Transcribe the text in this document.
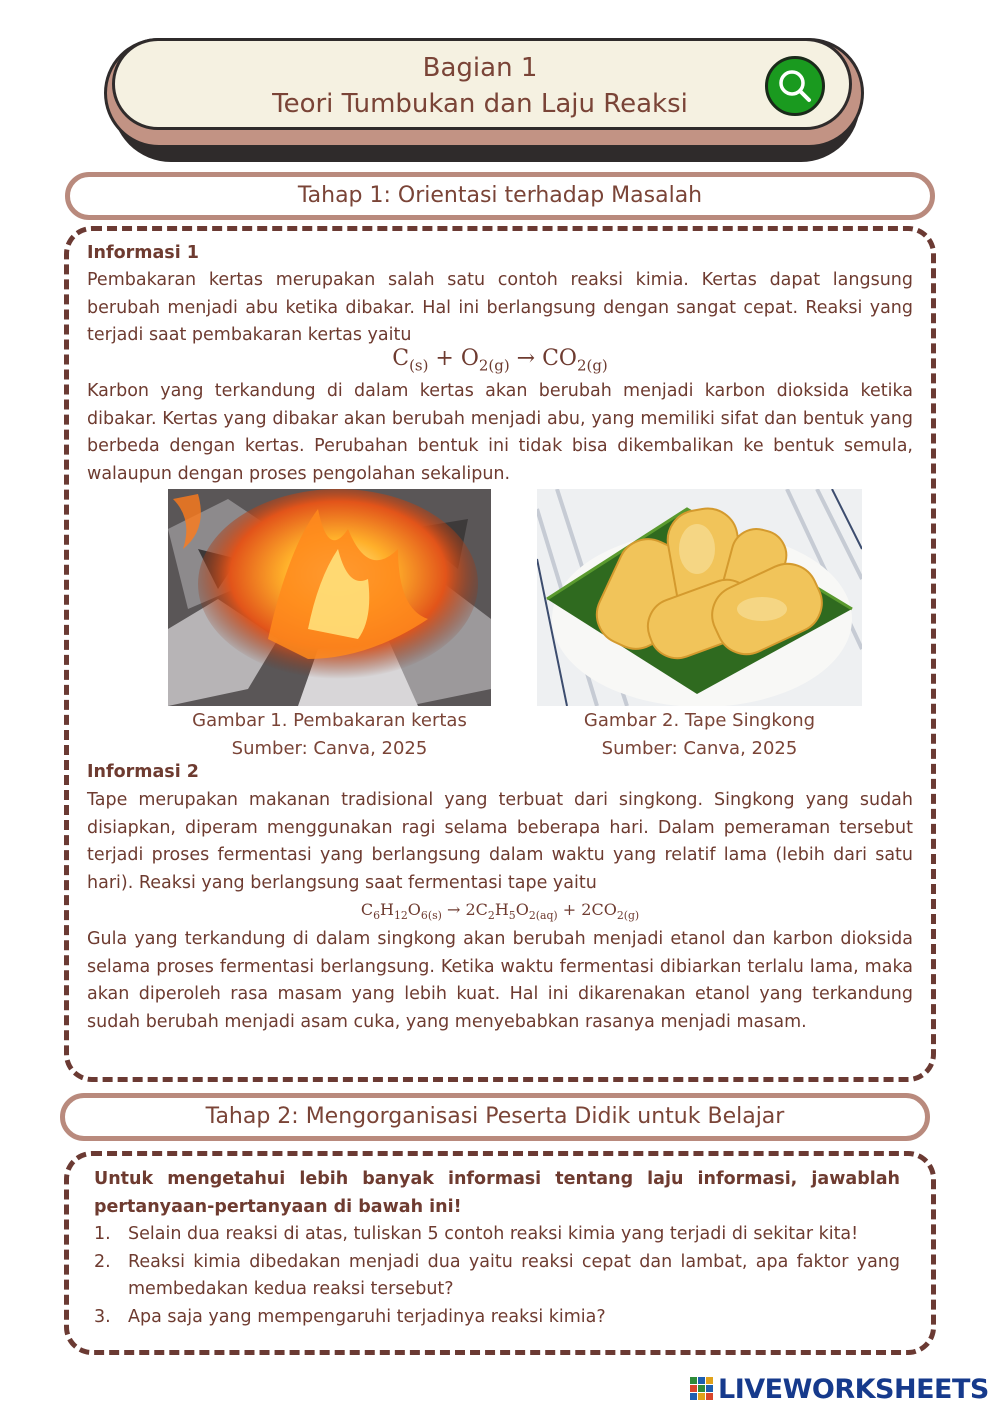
Bagian 1
Teori Tumbukan dan Laju Reaksi
Tahap 1: Orientasi terhadap Masalah
Informasi 1
Pembakaran kertas merupakan salah satu contoh reaksi kimia. Kertas dapat langsung berubah menjadi abu ketika dibakar. Hal ini berlangsung dengan sangat cepat. Reaksi yang terjadi saat pembakaran kertas yaitu
$C_{(s)} + O_{2(g)} \to CO_{2(g)}$
Karbon yang terkandung di dalam kertas akan berubah menjadi karbon dioksida ketika dibakar. Kertas yang dibakar akan berubah menjadi abu, yang memiliki sifat dan bentuk yang berbeda dengan kertas. Perubahan bentuk ini tidak bisa dikembalikan ke bentuk semula, walaupun dengan proses pengolahan sekalipun.
Gambar 1. Pembakaran kertas
Sumber: Canva, 2025
Gambar 2. Tape Singkong
Sumber: Canva, 2025
Informasi 2
Tape merupakan makanan tradisional yang terbuat dari singkong. Singkong yang sudah disiapkan, diperam menggunakan ragi selama beberapa hari. Dalam pemeraman tersebut terjadi proses fermentasi yang berlangsung dalam waktu yang relatif lama (lebih dari satu hari). Reaksi yang berlangsung saat fermentasi tape yaitu
$C_6H_{12}O_{6(s)} \to 2C_2H_5O_{2(aq)} + 2CO_{2(g)}$
Gula yang terkandung di dalam singkong akan berubah menjadi etanol dan karbon dioksida selama proses fermentasi berlangsung. Ketika waktu fermentasi dibiarkan terlalu lama, maka akan diperoleh rasa masam yang lebih kuat. Hal ini dikarenakan etanol yang terkandung sudah berubah menjadi asam cuka, yang menyebabkan rasanya menjadi masam.
Tahap 2: Mengorganisasi Peserta Didik untuk Belajar
Untuk mengetahui lebih banyak informasi tentang laju informasi, jawablah pertanyaan-pertanyaan di bawah ini!
1. Selain dua reaksi di atas, tuliskan 5 contoh reaksi kimia yang terjadi di sekitar kita!
2. Reaksi kimia dibedakan menjadi dua yaitu reaksi cepat dan lambat, apa faktor yang membedakan kedua reaksi tersebut?
3. Apa saja yang mempengaruhi terjadinya reaksi kimia?
LIVEWORKSHEETS
